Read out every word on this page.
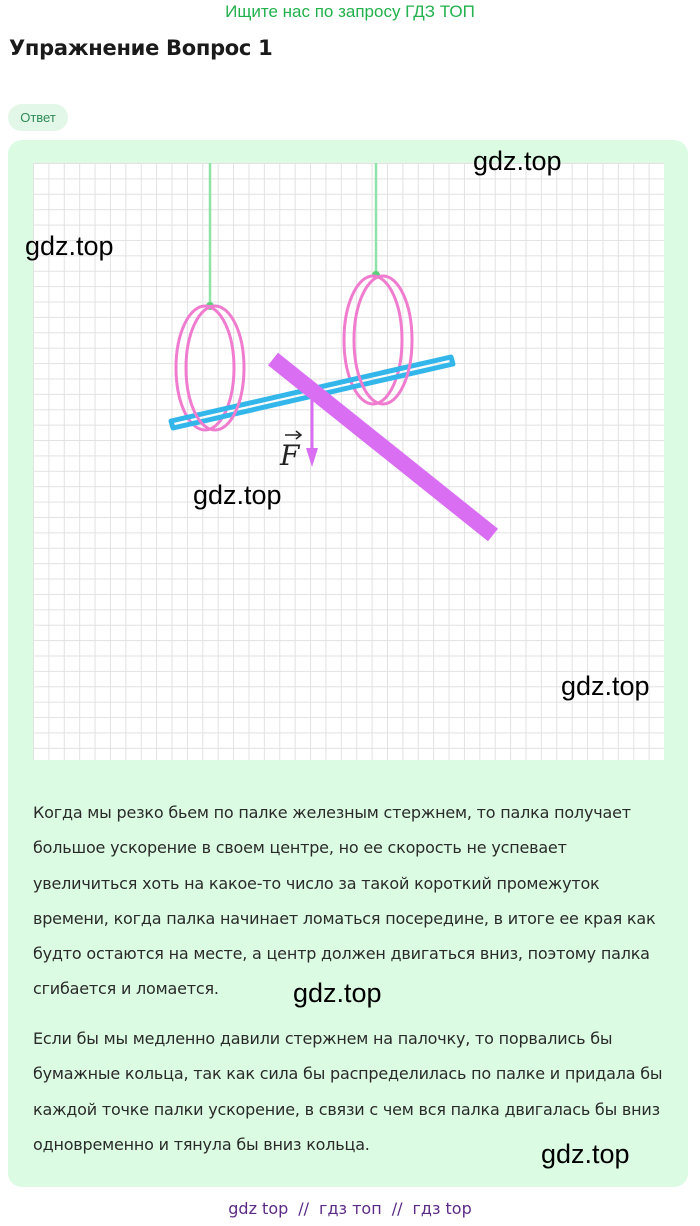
Ищите нас по запросу ГДЗ ТОП
Упражнение Вопрос 1
Ответ
F
gdz.top
gdz.top
gdz.top
gdz.top
gdz.top
gdz.top
Когда мы резко бьем по палке железным стержнем, то палка получает большое ускорение в своем центре, но ее скорость не успевает увеличиться хоть на какое-то число за такой короткий промежуток времени, когда палка начинает ломаться посередине, в итоге ее края как будто остаются на месте, а центр должен двигаться вниз, поэтому палка сгибается и ломается.
Если бы мы медленно давили стержнем на палочку, то порвались бы бумажные кольца, так как сила бы распределилась по палке и придала бы каждой точке палки ускорение, в связи с чем вся палка двигалась бы вниз одновременно и тянула бы вниз кольца.
gdz top // гдз топ // гдз top
